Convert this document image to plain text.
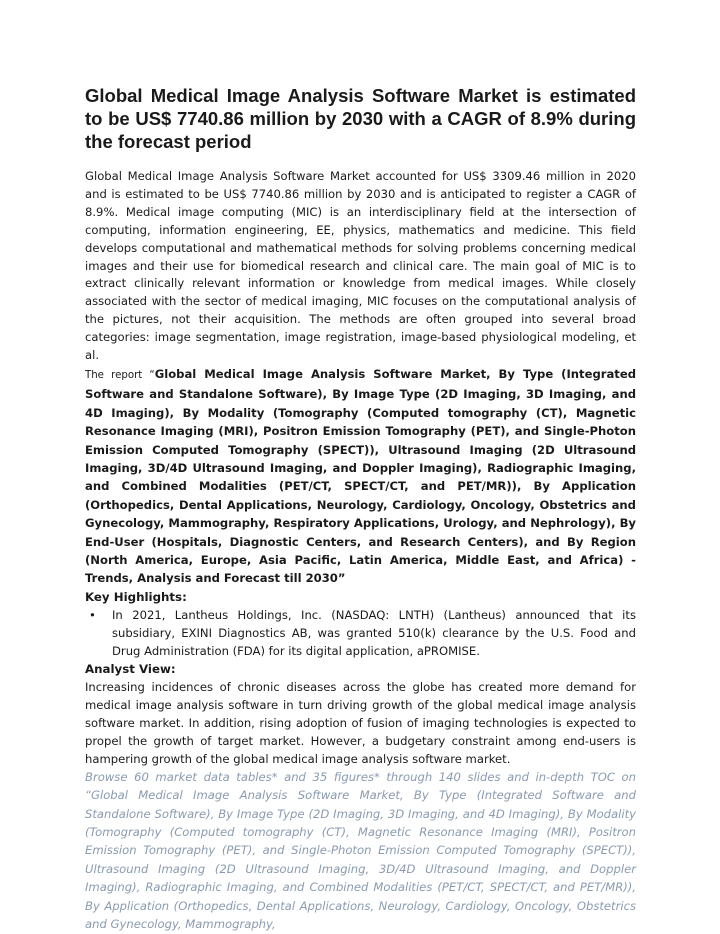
Global Medical Image Analysis Software Market is estimated to be US$ 7740.86 million by 2030 with a CAGR of 8.9% during the forecast period

Global Medical Image Analysis Software Market accounted for US$ 3309.46 million in 2020 and is estimated to be US$ 7740.86 million by 2030 and is anticipated to register a CAGR of 8.9%. Medical image computing (MIC) is an interdisciplinary field at the intersection of computing, information engineering, EE, physics, mathematics and medicine. This field develops computational and mathematical methods for solving problems concerning medical images and their use for biomedical research and clinical care. The main goal of MIC is to extract clinically relevant information or knowledge from medical images. While closely associated with the sector of medical imaging, MIC focuses on the computational analysis of the pictures, not their acquisition. The methods are often grouped into several broad categories: image segmentation, image registration, image-based physiological modeling, et al.

The report “Global Medical Image Analysis Software Market, By Type (Integrated Software and Standalone Software), By Image Type (2D Imaging, 3D Imaging, and 4D Imaging), By Modality (Tomography (Computed tomography (CT), Magnetic Resonance Imaging (MRI), Positron Emission Tomography (PET), and Single-Photon Emission Computed Tomography (SPECT)), Ultrasound Imaging (2D Ultrasound Imaging, 3D/4D Ultrasound Imaging, and Doppler Imaging), Radiographic Imaging, and Combined Modalities (PET/CT, SPECT/CT, and PET/MR)), By Application (Orthopedics, Dental Applications, Neurology, Cardiology, Oncology, Obstetrics and Gynecology, Mammography, Respiratory Applications, Urology, and Nephrology), By End-User (Hospitals, Diagnostic Centers, and Research Centers), and By Region (North America, Europe, Asia Pacific, Latin America, Middle East, and Africa) - Trends, Analysis and Forecast till 2030”

Key Highlights:
• In 2021, Lantheus Holdings, Inc. (NASDAQ: LNTH) (Lantheus) announced that its subsidiary, EXINI Diagnostics AB, was granted 510(k) clearance by the U.S. Food and Drug Administration (FDA) for its digital application, aPROMISE.
Analyst View:

Increasing incidences of chronic diseases across the globe has created more demand for medical image analysis software in turn driving growth of the global medical image analysis software market. In addition, rising adoption of fusion of imaging technologies is expected to propel the growth of target market. However, a budgetary constraint among end-users is hampering growth of the global medical image analysis software market.

Browse 60 market data tables* and 35 figures* through 140 slides and in-depth TOC on “Global Medical Image Analysis Software Market, By Type (Integrated Software and Standalone Software), By Image Type (2D Imaging, 3D Imaging, and 4D Imaging), By Modality (Tomography (Computed tomography (CT), Magnetic Resonance Imaging (MRI), Positron Emission Tomography (PET), and Single-Photon Emission Computed Tomography (SPECT)), Ultrasound Imaging (2D Ultrasound Imaging, 3D/4D Ultrasound Imaging, and Doppler Imaging), Radiographic Imaging, and Combined Modalities (PET/CT, SPECT/CT, and PET/MR)), By Application (Orthopedics, Dental Applications, Neurology, Cardiology, Oncology, Obstetrics and Gynecology, Mammography,
